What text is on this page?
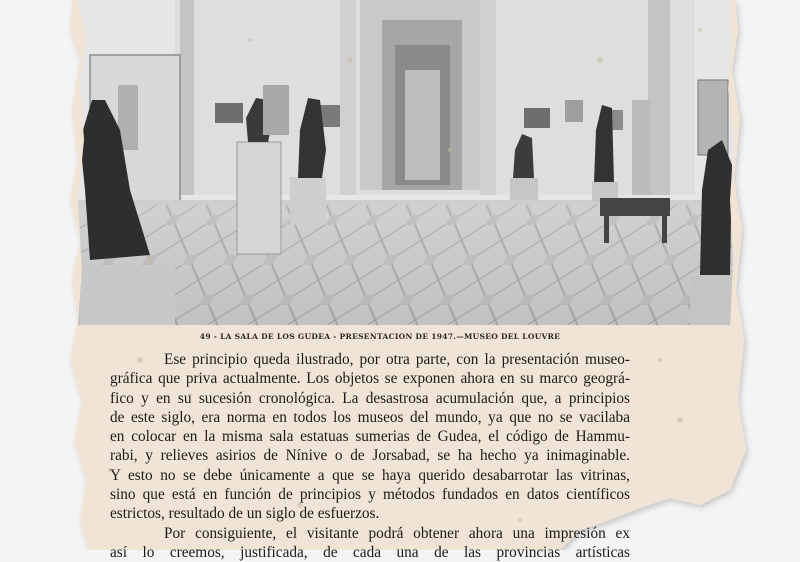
49 - LA SALA DE LOS GUDEA - PRESENTACION DE 1947.—MUSEO DEL LOUVRE
Ese principio queda ilustrado, por otra parte, con la presentación museo-
gráfica que priva actualmente. Los objetos se exponen ahora en su marco geográ-
fico y en su sucesión cronológica. La desastrosa acumulación que, a principios
de este siglo, era norma en todos los museos del mundo, ya que no se vacilaba
en colocar en la misma sala estatuas sumerias de Gudea, el código de Hammu-
rabi, y relieves asirios de Nínive o de Jorsabad, se ha hecho ya inimaginable.
Y esto no se debe únicamente a que se haya querido desabarrotar las vitrinas,
sino que está en función de principios y métodos fundados en datos científicos
estrictos, resultado de un siglo de esfuerzos.
Por consiguiente, el visitante podrá obtener ahora una impresión ex
así lo creemos, justificada, de cada una de las provincias artísticas
